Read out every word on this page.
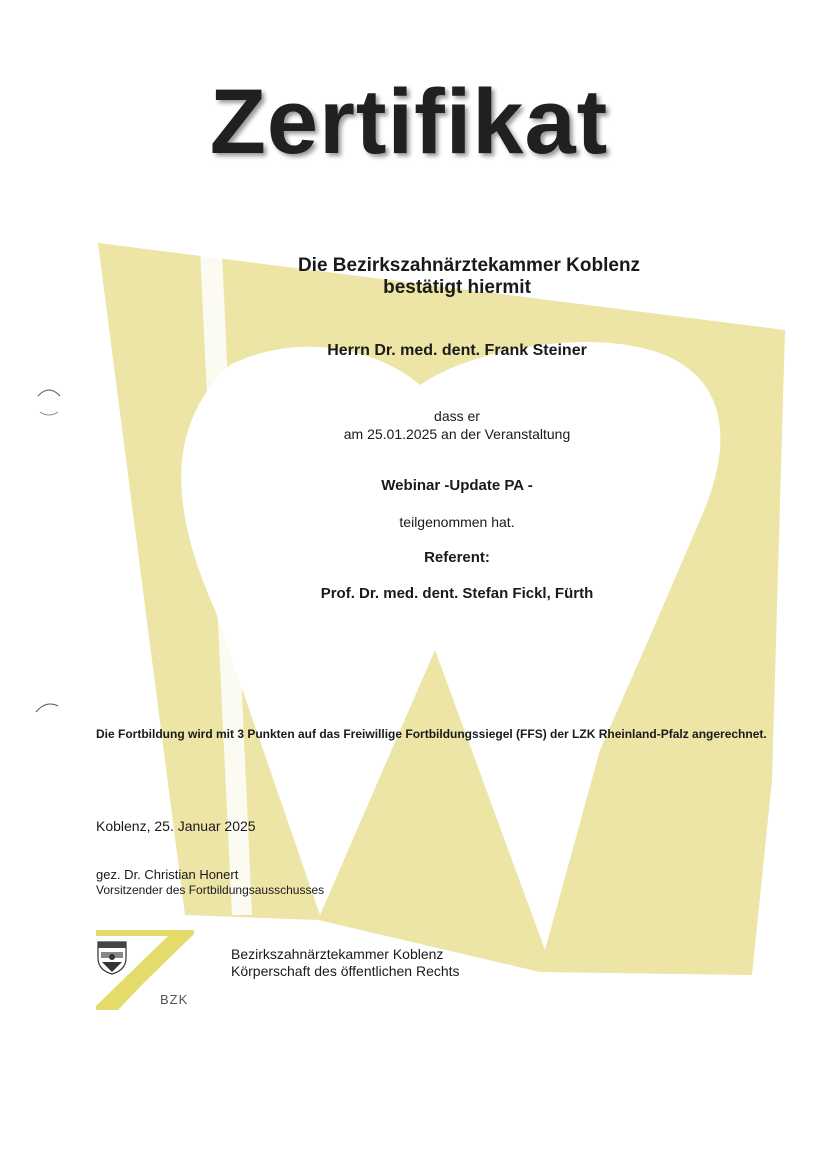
Zertifikat
Die Bezirkszahnärztekammer Koblenz
bestätigt hiermit
Herrn Dr. med. dent. Frank Steiner
dass er
am 25.01.2025 an der Veranstaltung
Webinar -Update PA -
teilgenommen hat.
Referent:
Prof. Dr. med. dent. Stefan Fickl, Fürth
Die Fortbildung wird mit 3 Punkten auf das Freiwillige Fortbildungssiegel (FFS) der LZK Rheinland-Pfalz angerechnet.
Koblenz, 25. Januar 2025
gez. Dr. Christian Honert
Vorsitzender des Fortbildungsausschusses
BZK
Bezirkszahnärztekammer Koblenz
Körperschaft des öffentlichen Rechts
